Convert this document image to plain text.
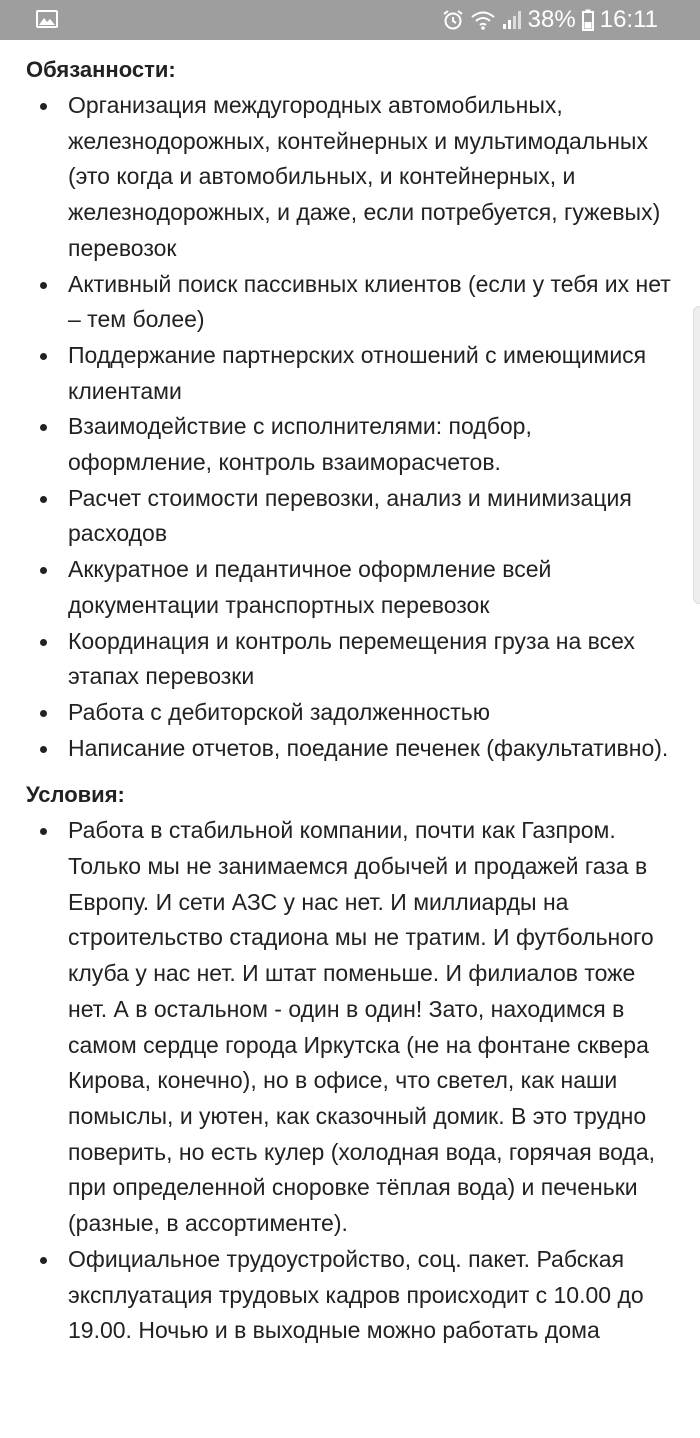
38% 16:11
Обязанности:
Организация междугородных автомобильных, железнодорожных, контейнерных и мультимодальных (это когда и автомобильных, и контейнерных, и железнодорожных, и даже, если потребуется, гужевых) перевозок
Активный поиск пассивных клиентов (если у тебя их нет – тем более)
Поддержание партнерских отношений с имеющимися клиентами
Взаимодействие с исполнителями: подбор, оформление, контроль взаиморасчетов.
Расчет стоимости перевозки, анализ и минимизация расходов
Аккуратное и педантичное оформление всей документации транспортных перевозок
Координация и контроль перемещения груза на всех этапах перевозки
Работа с дебиторской задолженностью
Написание отчетов, поедание печенек (факультативно).
Условия:
Работа в стабильной компании, почти как Газпром. Только мы не занимаемся добычей и продажей газа в Европу. И сети АЗС у нас нет. И миллиарды на строительство стадиона мы не тратим. И футбольного клуба у нас нет. И штат поменьше. И филиалов тоже нет. А в остальном - один в один! Зато, находимся в самом сердце города Иркутска (не на фонтане сквера Кирова, конечно), но в офисе, что светел, как наши помыслы, и уютен, как сказочный домик. В это трудно поверить, но есть кулер (холодная вода, горячая вода, при определенной сноровке тёплая вода) и печеньки (разные, в ассортименте).
Официальное трудоустройство, соц. пакет. Рабская эксплуатация трудовых кадров происходит с 10.00 до 19.00. Ночью и в выходные можно работать дома
